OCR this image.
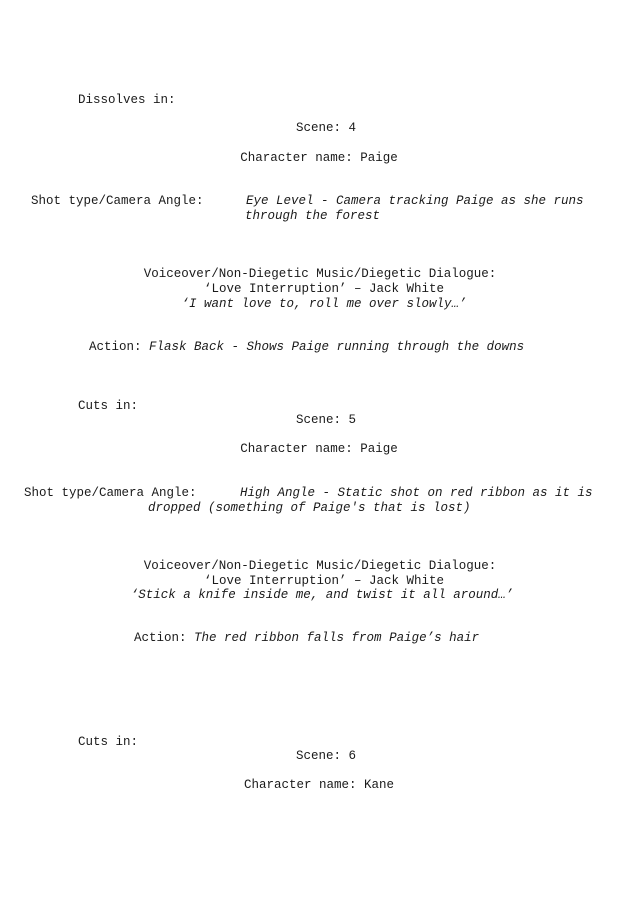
Dissolves in:
Scene: 4
Character name: Paige
Shot type/Camera Angle:	Eye Level - Camera tracking Paige as she runs
through the forest
Voiceover/Non-Diegetic Music/Diegetic Dialogue:
‘Love Interruption’ – Jack White
‘I want love to, roll me over slowly…’
Action: Flask Back - Shows Paige running through the downs
Cuts in:
Scene: 5
Character name: Paige
Shot type/Camera Angle:	High Angle - Static shot on red ribbon as it is
dropped (something of Paige's that is lost)
Voiceover/Non-Diegetic Music/Diegetic Dialogue:
‘Love Interruption’ – Jack White
‘Stick a knife inside me, and twist it all around…’
Action: The red ribbon falls from Paige’s hair
Cuts in:
Scene: 6
Character name: Kane
